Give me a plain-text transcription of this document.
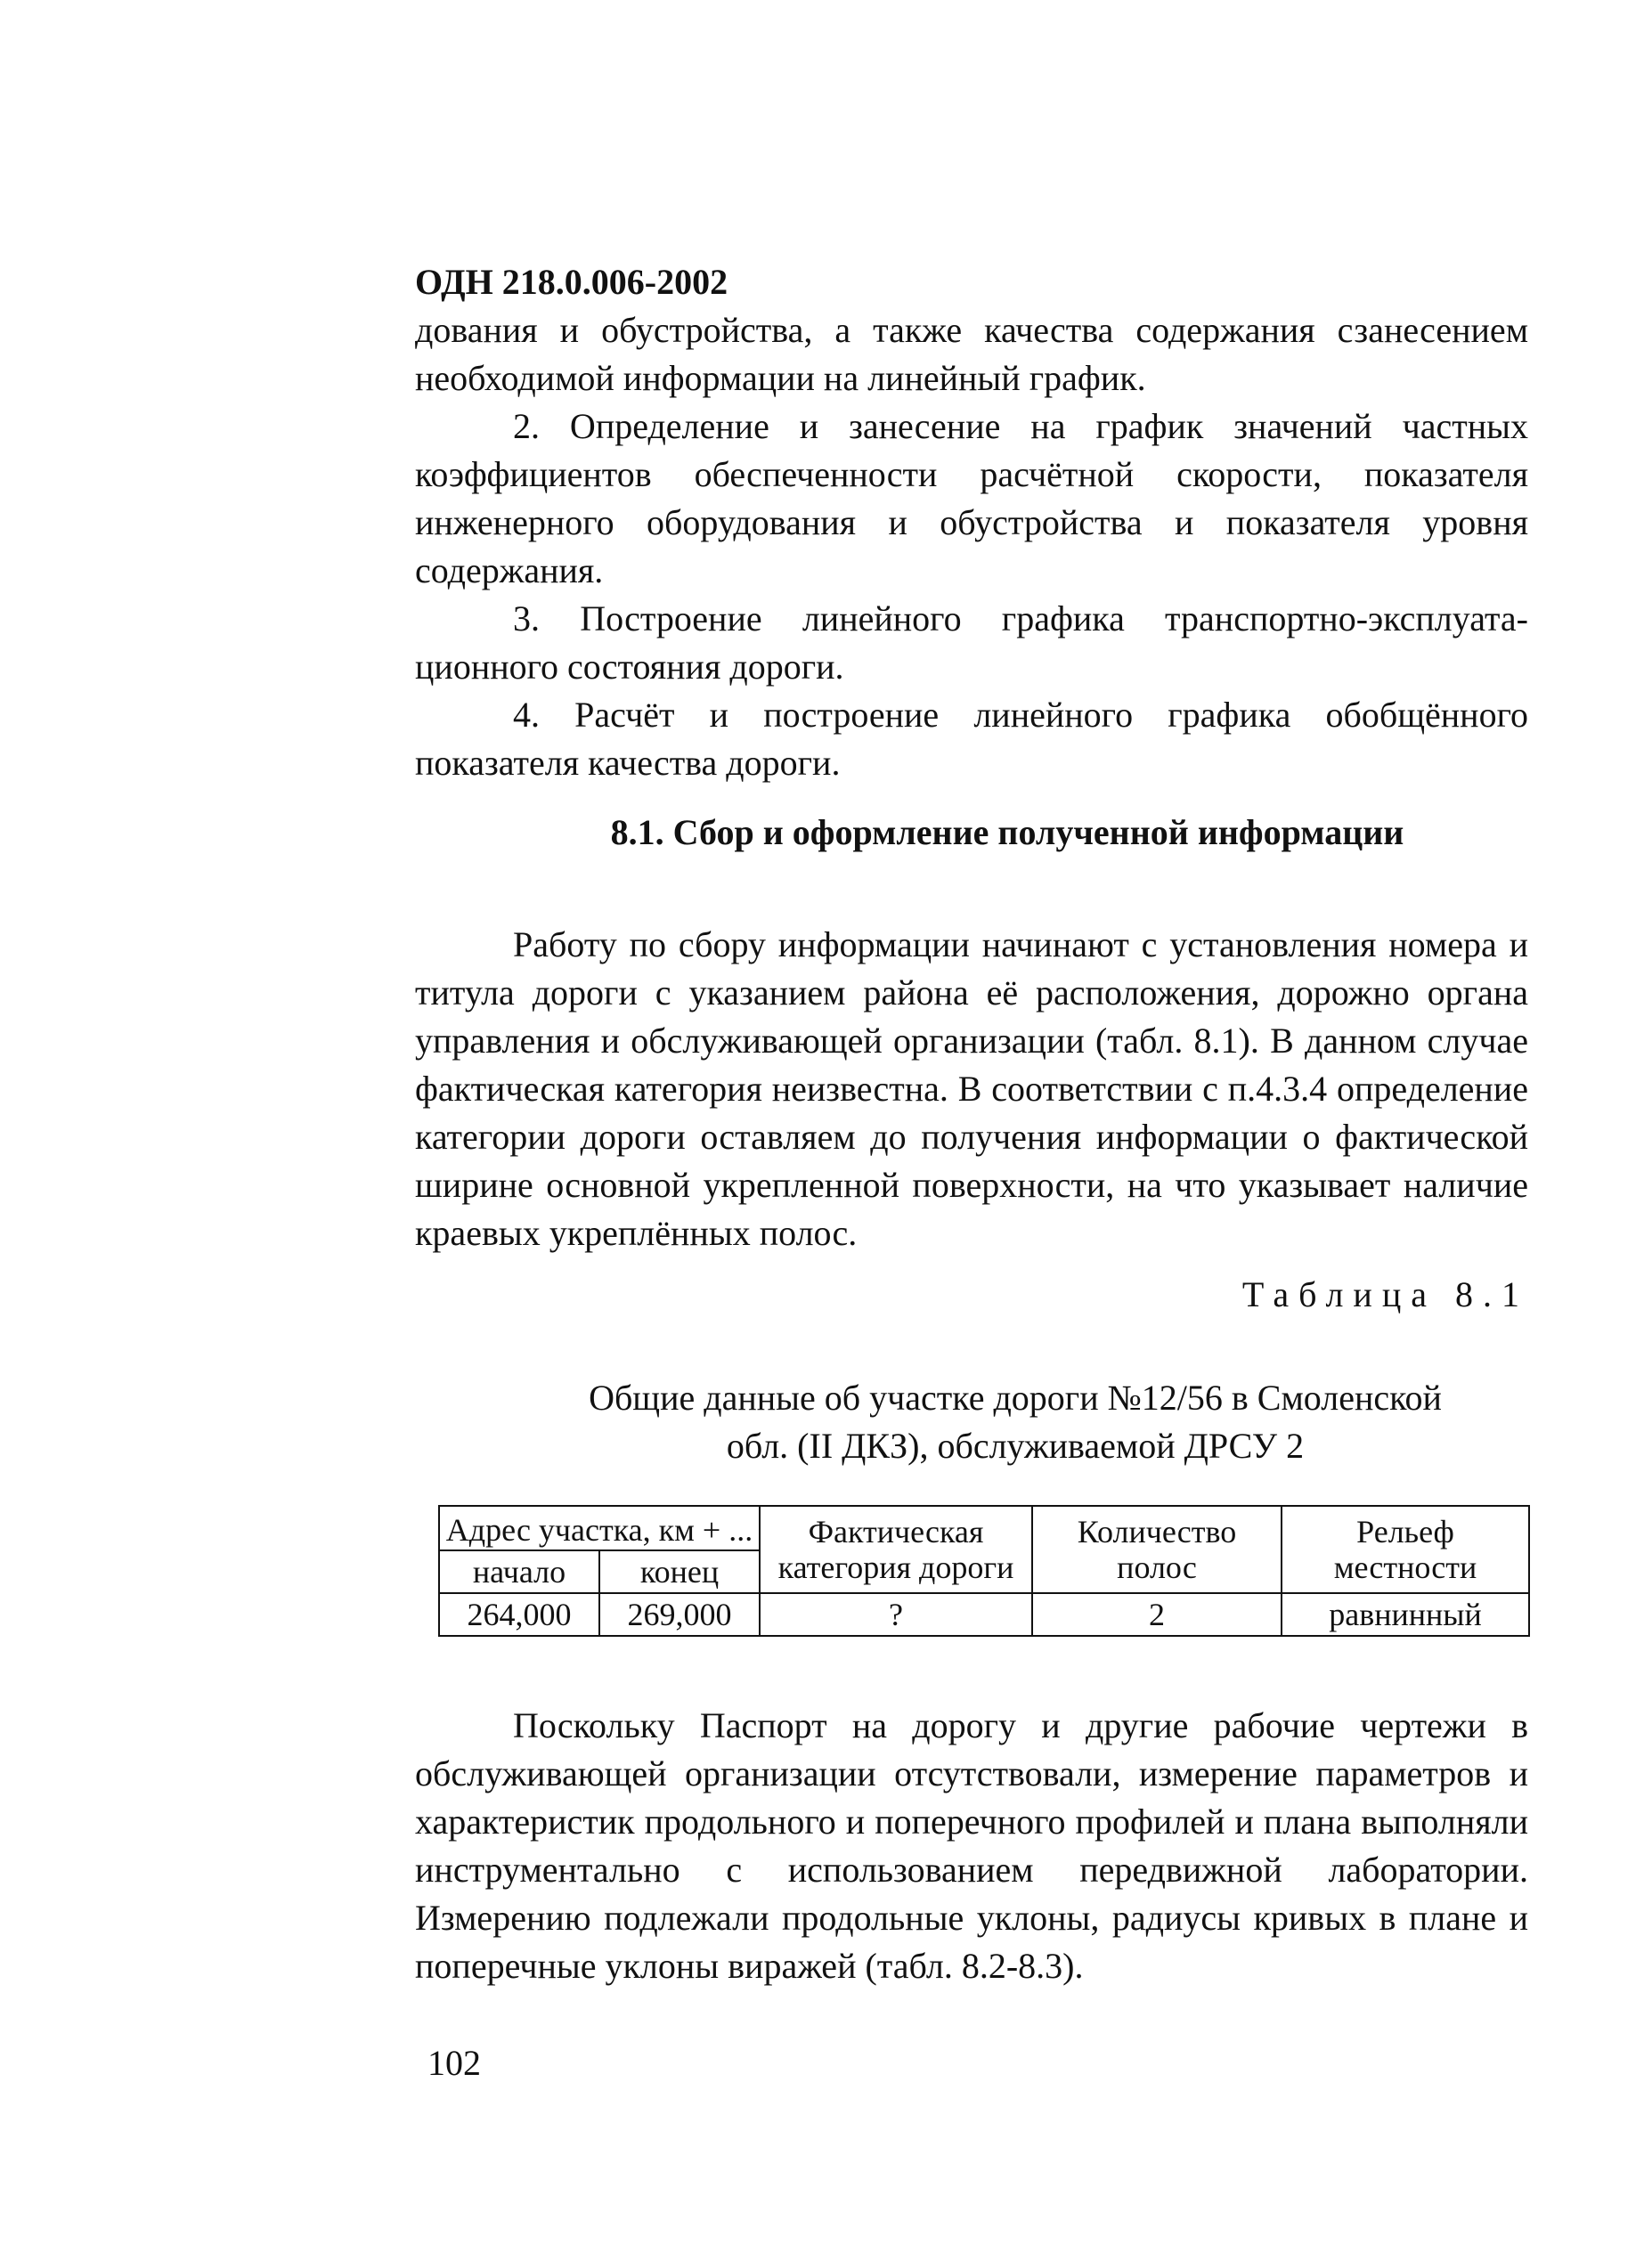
ОДН 218.0.006-2002

дования и обустройства, а также качества содержания сзанесением необходимой информации на линейный график.

2. Определение и занесение на график значений частных коэффициентов обеспеченности расчётной скорости, показателя инженерного оборудования и обустройства и показателя уровня содержания.

3. Построение линейного графика транспортно-эксплуата-ционного состояния дороги.

4. Расчёт и построение линейного графика обобщённого показателя качества дороги.

8.1. Сбор и оформление полученной информации

Работу по сбору информации начинают с установления номера и титула дороги с указанием района её расположения, дорожно органа управления и обслуживающей организации (табл. 8.1). В данном случае фактическая категория неизвестна. В соответствии с п.4.3.4 определение категории дороги оставляем до получения информации о фактической ширине основной укрепленной поверхности, на что указывает наличие краевых укреплённых полос.

Таблица 8.1

Общие данные об участке дороги №12/56 в Смоленской
обл. (II ДКЗ), обслуживаемой ДРСУ 2
Адрес участка, км + ...		Фактическая категория дороги	Количество полос	Рельеф местности
начало	конец			
264,000	269,000	?	2	равнинный

Поскольку Паспорт на дорогу и другие рабочие чертежи в обслуживающей организации отсутствовали, измерение параметров и характеристик продольного и поперечного профилей и плана выполняли инструментально с использованием передвижной лаборатории. Измерению подлежали продольные уклоны, радиусы кривых в плане и поперечные уклоны виражей (табл. 8.2-8.3).

102
